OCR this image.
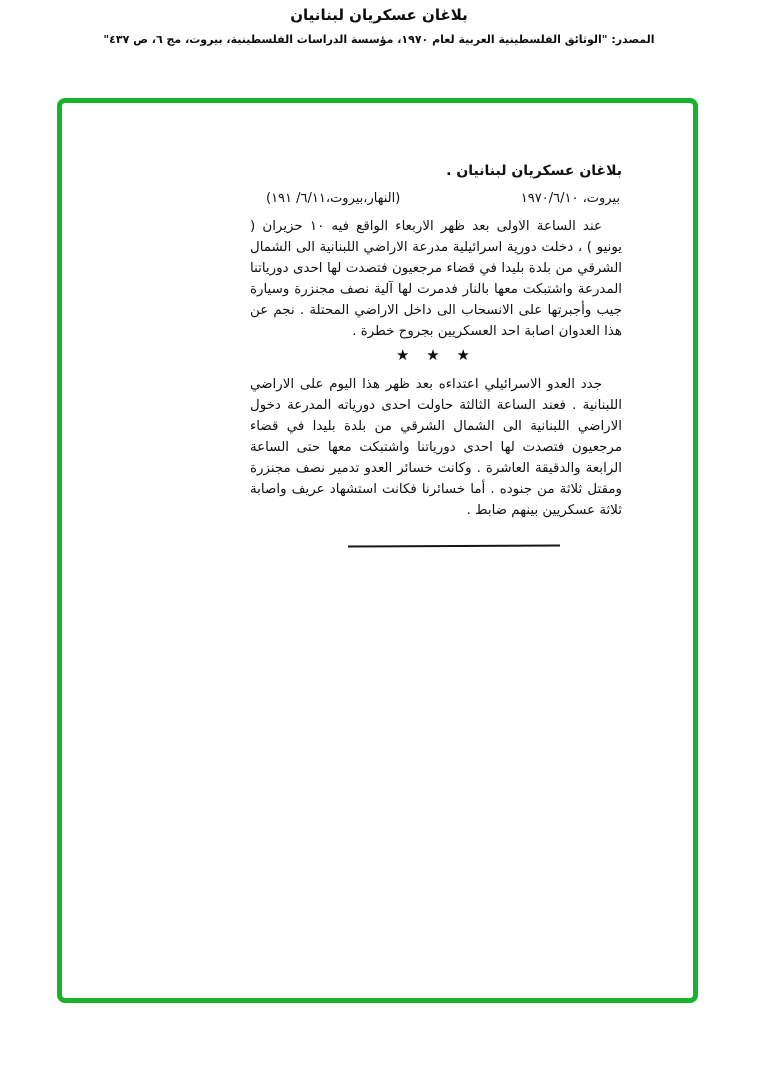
بلاغان عسكريان لبنانيان
المصدر: "الوثائق الفلسطينية العربية لعام ١٩٧٠، مؤسسة الدراسات الفلسطينية، بيروت، مج ٦، ص ٤٣٧"
بلاغان عسكريان لبنانيان .
بيروت، ١٩٧٠/٦/١٠
(النهار،بيروت،٦/١١/ ١٩١)

عند الساعة الاولى بعد ظهر الاربعاء الواقع فيه ١٠ حزيران ( يونيو ) ، دخلت دورية اسرائيلية مدرعة الاراضي اللبنانية الى الشمال الشرقي من بلدة بليدا في قضاء مرجعيون فتصدت لها احدى دورياتنا المدرعة واشتبكت معها بالنار فدمرت لها آلية نصف مجنزرة وسيارة جيب وأجبرتها على الانسحاب الى داخل الاراضي المحتلة . نجم عن هذا العدوان اصابة احد العسكريين بجروح خطرة .

★ ★ ★

جدد العدو الاسرائيلي اعتداءه بعد ظهر هذا اليوم على الاراضي اللبنانية . فعند الساعة الثالثة حاولت احدى دورياته المدرعة دخول الاراضي اللبنانية الى الشمال الشرقي من بلدة بليدا في قضاء مرجعيون فتصدت لها احدى دورياتنا واشتبكت معها حتى الساعة الرابعة والدقيقة العاشرة . وكانت خسائر العدو تدمير نصف مجنزرة ومقتل ثلاثة من جنوده . أما خسائرنا فكانت استشهاد عريف واصابة ثلاثة عسكريين بينهم ضابط .
